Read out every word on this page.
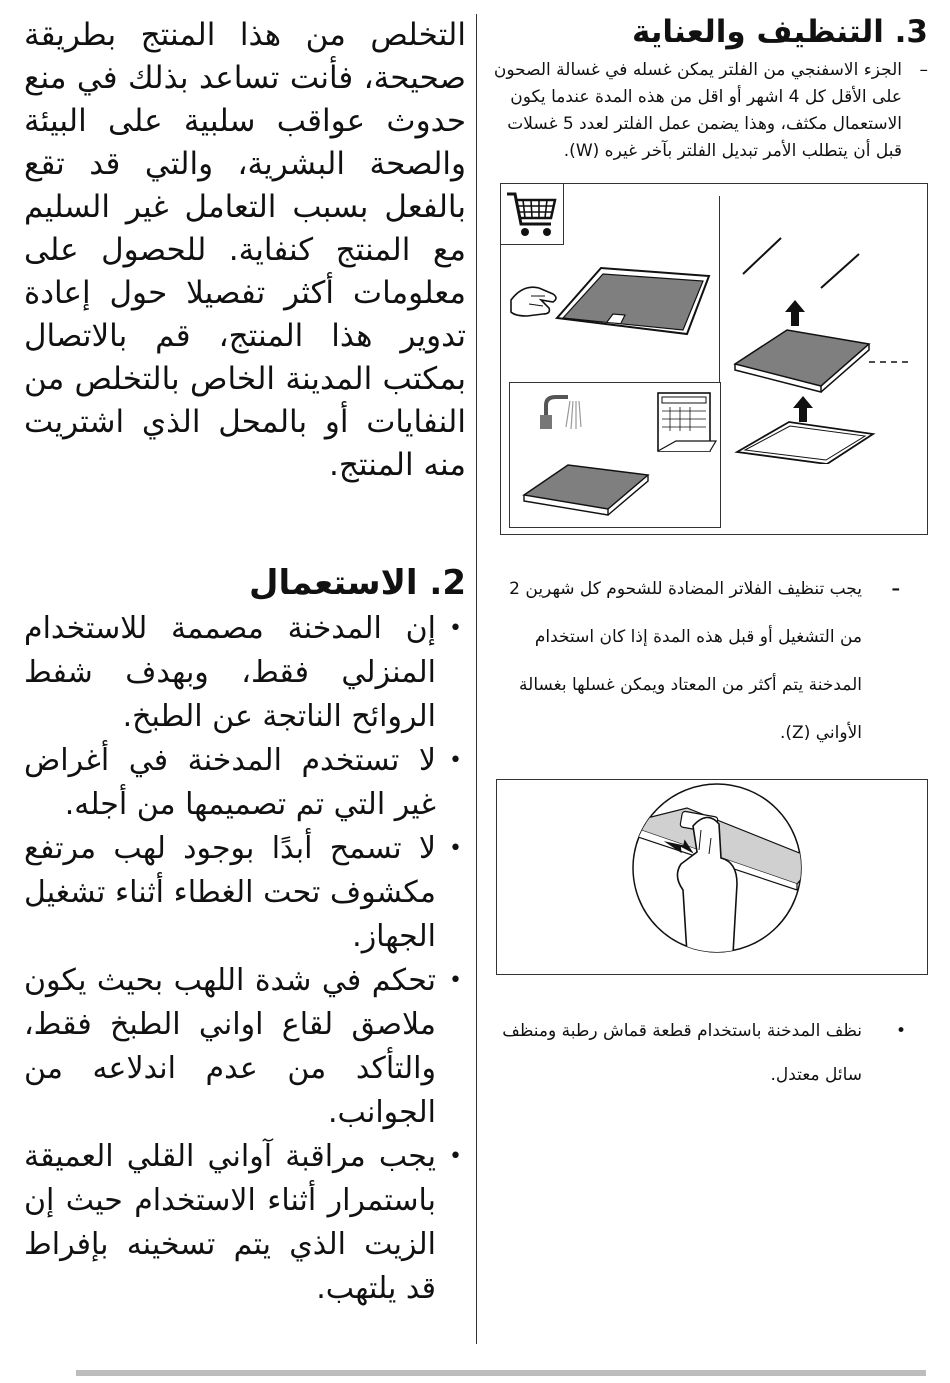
3. التنظيف والعناية

–
الجزء الاسفنجي من الفلتر يمكن غسله في غسالة الصحون على الأقل كل 4 اشهر أو اقل من هذه المدة عندما يكون الاستعمال مكثف، وهذا يضمن عمل الفلتر لعدد 5 غسلات قبل أن يتطلب الأمر تبديل الفلتر بآخر غيره (W).

–
يجب تنظيف الفلاتر المضادة للشحوم كل شهرين 2 من التشغيل أو قبل هذه المدة إذا كان استخدام المدخنة يتم أكثر من المعتاد ويمكن غسلها بغسالة الأواني (Z).

•
نظف المدخنة باستخدام قطعة قماش رطبة ومنظف سائل معتدل.

التخلص من هذا المنتج بطريقة صحيحة، فأنت تساعد بذلك في منع حدوث عواقب سلبية على البيئة والصحة البشرية، والتي قد تقع بالفعل بسبب التعامل غير السليم مع المنتج كنفاية. للحصول على معلومات أكثر تفصيلا حول إعادة تدوير هذا المنتج، قم بالاتصال بمكتب المدينة الخاص بالتخلص من النفايات أو بالمحل الذي اشتريت منه المنتج.

2. الاستعمال

•
إن المدخنة مصممة للاستخدام المنزلي فقط، وبهدف شفط الروائح الناتجة عن الطبخ.

•
لا تستخدم المدخنة في أغراض غير التي تم تصميمها من أجله.

•
لا تسمح أبدًا بوجود لهب مرتفع مكشوف تحت الغطاء أثناء تشغيل الجهاز.

•
تحكم في شدة اللهب بحيث يكون ملاصق لقاع اواني الطبخ فقط، والتأكد من عدم اندلاعه من الجوانب.

•
يجب مراقبة آواني القلي العميقة باستمرار أثناء الاستخدام حيث إن الزيت الذي يتم تسخينه بإفراط قد يلتهب.
